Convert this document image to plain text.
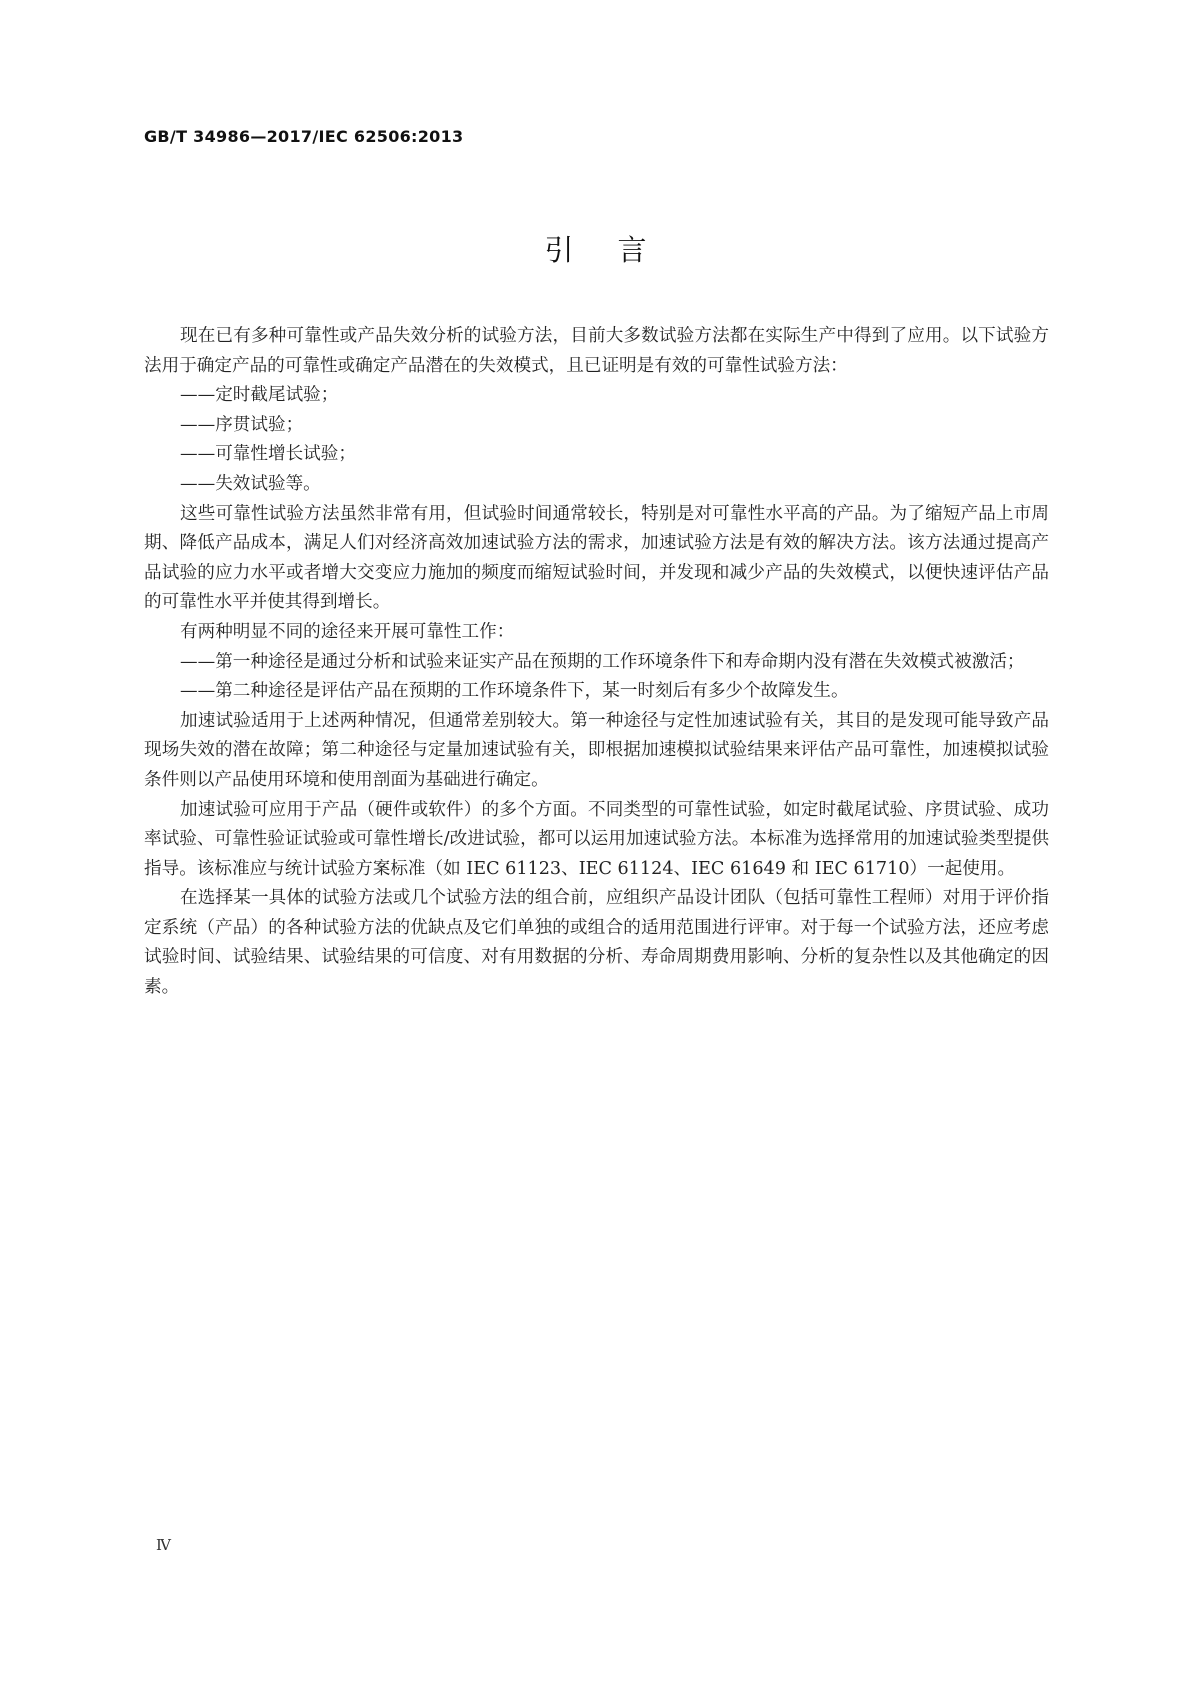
GB/T 34986—2017/IEC 62506:2013
引言

现在已有多种可靠性或产品失效分析的试验方法，目前大多数试验方法都在实际生产中得到了应用。以下试验方法用于确定产品的可靠性或确定产品潜在的失效模式，且已证明是有效的可靠性试验方法：

——定时截尾试验；

——序贯试验；

——可靠性增长试验；

——失效试验等。

这些可靠性试验方法虽然非常有用，但试验时间通常较长，特别是对可靠性水平高的产品。为了缩短产品上市周期、降低产品成本，满足人们对经济高效加速试验方法的需求，加速试验方法是有效的解决方法。该方法通过提高产品试验的应力水平或者增大交变应力施加的频度而缩短试验时间，并发现和减少产品的失效模式，以便快速评估产品的可靠性水平并使其得到增长。

有两种明显不同的途径来开展可靠性工作：

——第一种途径是通过分析和试验来证实产品在预期的工作环境条件下和寿命期内没有潜在失效模式被激活；

——第二种途径是评估产品在预期的工作环境条件下，某一时刻后有多少个故障发生。

加速试验适用于上述两种情况，但通常差别较大。第一种途径与定性加速试验有关，其目的是发现可能导致产品现场失效的潜在故障；第二种途径与定量加速试验有关，即根据加速模拟试验结果来评估产品可靠性，加速模拟试验条件则以产品使用环境和使用剖面为基础进行确定。

加速试验可应用于产品（硬件或软件）的多个方面。不同类型的可靠性试验，如定时截尾试验、序贯试验、成功率试验、可靠性验证试验或可靠性增长/改进试验，都可以运用加速试验方法。本标准为选择常用的加速试验类型提供指导。该标准应与统计试验方案标准（如 IEC 61123、IEC 61124、IEC 61649 和 IEC 61710）一起使用。

在选择某一具体的试验方法或几个试验方法的组合前，应组织产品设计团队（包括可靠性工程师）对用于评价指定系统（产品）的各种试验方法的优缺点及它们单独的或组合的适用范围进行评审。对于每一个试验方法，还应考虑试验时间、试验结果、试验结果的可信度、对有用数据的分析、寿命周期费用影响、分析的复杂性以及其他确定的因素。

Ⅳ
